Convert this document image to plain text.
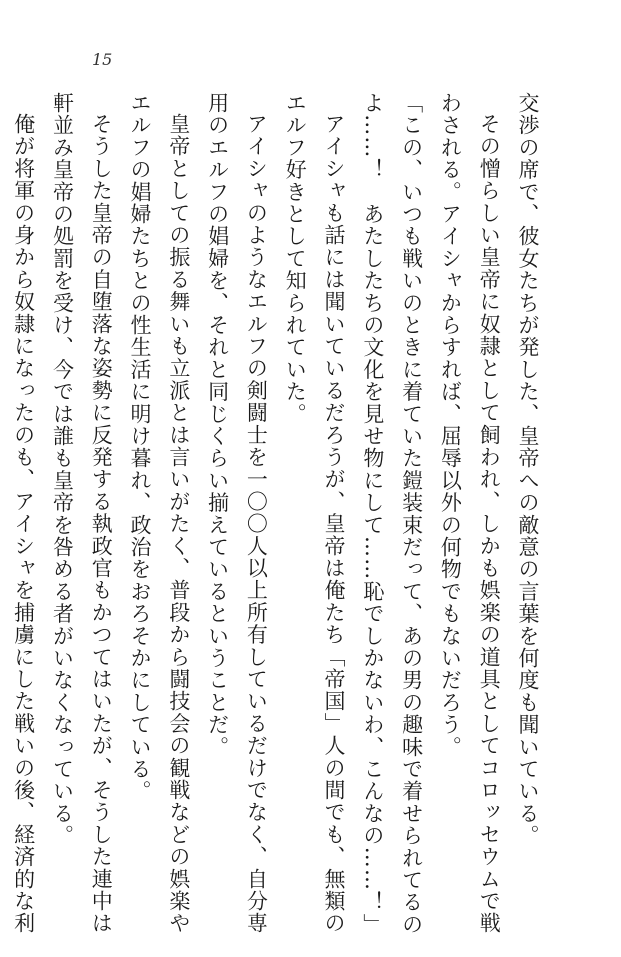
15

交渉の席で、彼女たちが発した、皇帝への敵意の言葉を何度も聞いている。

その憎らしい皇帝に奴隷として飼われ、しかも娯楽の道具としてコロッセウムで戦

わされる。アイシャからすれば、屈辱以外の何物でもないだろう。

「この、いつも戦いのときに着ていた鎧装束だって、あの男の趣味で着せられてるの

よ……！　あたしたちの文化を見せ物にして……恥でしかないわ、こんなの……！」

アイシャも話には聞いているだろうが、皇帝は俺たち「帝国」人の間でも、無類の

エルフ好きとして知られていた。

アイシャのようなエルフの剣闘士を一〇〇人以上所有しているだけでなく、自分専

用のエルフの娼婦を、それと同じくらい揃えているということだ。

皇帝としての振る舞いも立派とは言いがたく、普段から闘技会の観戦などの娯楽や

エルフの娼婦たちとの性生活に明け暮れ、政治をおろそかにしている。

そうした皇帝の自堕落な姿勢に反発する執政官もかつてはいたが、そうした連中は

軒並み皇帝の処罰を受け、今では誰も皇帝を咎める者がいなくなっている。

俺が将軍の身から奴隷になったのも、アイシャを捕虜にした戦いの後、経済的な利
